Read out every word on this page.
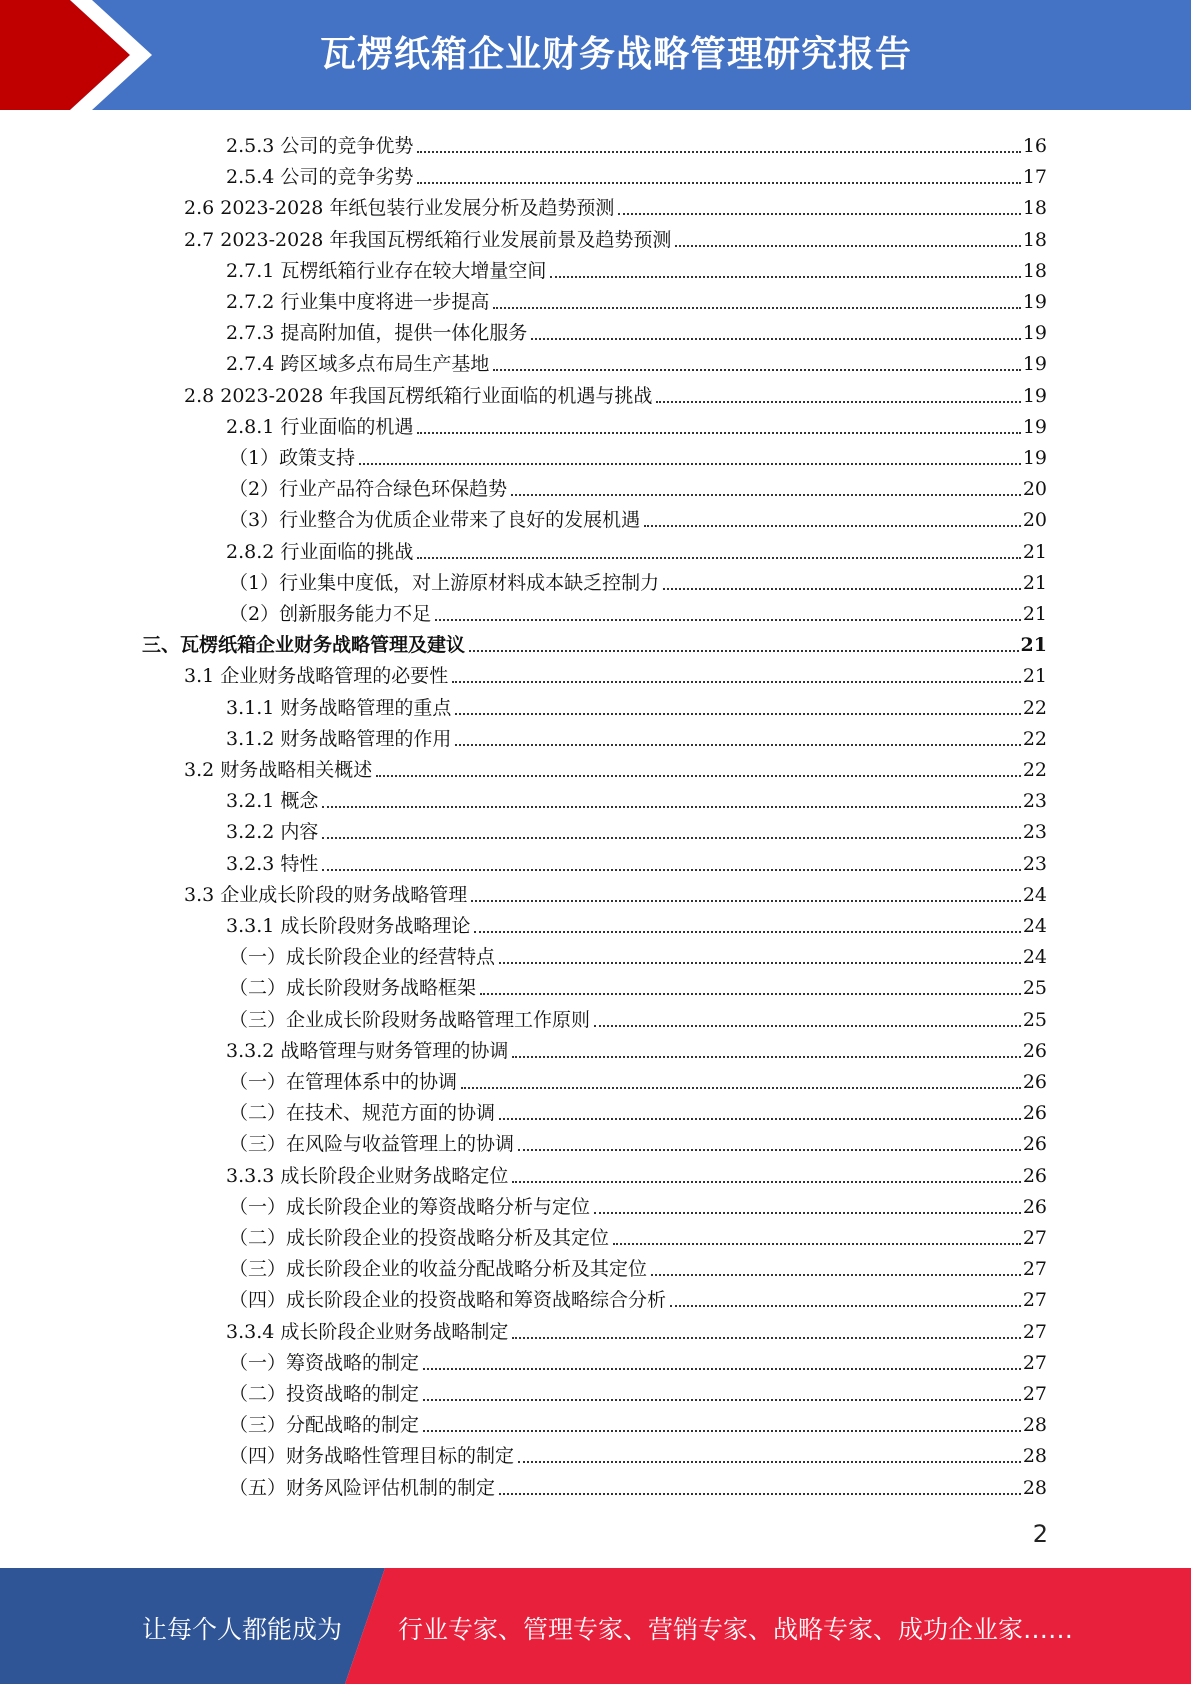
瓦楞纸箱企业财务战略管理研究报告
2.5.3 公司的竞争优势	16
2.5.4 公司的竞争劣势	17
2.6 2023-2028 年纸包装行业发展分析及趋势预测	18
2.7 2023-2028 年我国瓦楞纸箱行业发展前景及趋势预测	18
2.7.1 瓦楞纸箱行业存在较大增量空间	18
2.7.2 行业集中度将进一步提高	19
2.7.3 提高附加值，提供一体化服务	19
2.7.4 跨区域多点布局生产基地	19
2.8 2023-2028 年我国瓦楞纸箱行业面临的机遇与挑战	19
2.8.1 行业面临的机遇	19
（1）政策支持	19
（2）行业产品符合绿色环保趋势	20
（3）行业整合为优质企业带来了良好的发展机遇	20
2.8.2 行业面临的挑战	21
（1）行业集中度低，对上游原材料成本缺乏控制力	21
（2）创新服务能力不足	21
三、瓦楞纸箱企业财务战略管理及建议	21
3.1 企业财务战略管理的必要性	21
3.1.1 财务战略管理的重点	22
3.1.2 财务战略管理的作用	22
3.2 财务战略相关概述	22
3.2.1 概念	23
3.2.2 内容	23
3.2.3 特性	23
3.3 企业成长阶段的财务战略管理	24
3.3.1 成长阶段财务战略理论	24
（一）成长阶段企业的经营特点	24
（二）成长阶段财务战略框架	25
（三）企业成长阶段财务战略管理工作原则	25
3.3.2 战略管理与财务管理的协调	26
（一）在管理体系中的协调	26
（二）在技术、规范方面的协调	26
（三）在风险与收益管理上的协调	26
3.3.3 成长阶段企业财务战略定位	26
（一）成长阶段企业的筹资战略分析与定位	26
（二）成长阶段企业的投资战略分析及其定位	27
（三）成长阶段企业的收益分配战略分析及其定位	27
（四）成长阶段企业的投资战略和筹资战略综合分析	27
3.3.4 成长阶段企业财务战略制定	27
（一）筹资战略的制定	27
（二）投资战略的制定	27
（三）分配战略的制定	28
（四）财务战略性管理目标的制定	28
（五）财务风险评估机制的制定	28
2
让每个人都能成为 行业专家、管理专家、营销专家、战略专家、成功企业家……
